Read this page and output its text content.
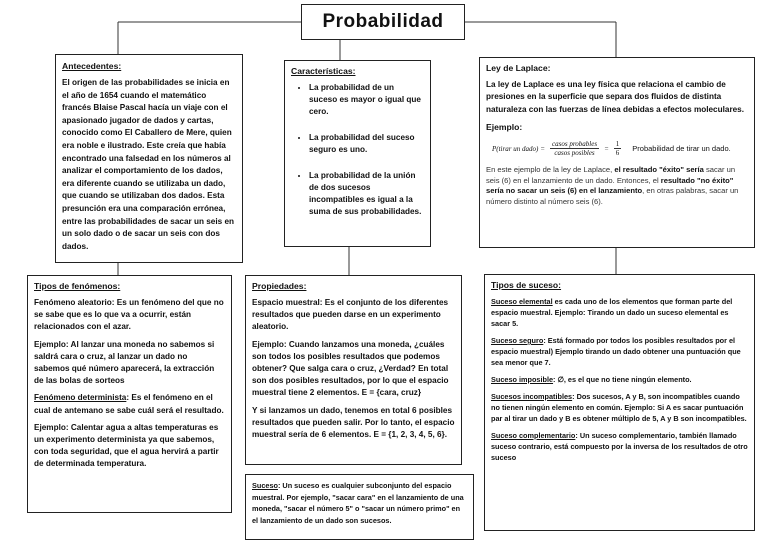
Probabilidad
Antecedentes:
El origen de las probabilidades se inicia en el año de 1654 cuando el matemático francés Blaise Pascal hacía un viaje con el apasionado jugador de dados y cartas, conocido como El Caballero de Mere, quien era noble e ilustrado. Este creía que había encontrado una falsedad en los números al analizar el comportamiento de los dados, era diferente cuando se utilizaba un dado, que cuando se utilizaban dos dados. Esta presunción era una comparación errónea, entre las probabilidades de sacar un seis en un solo dado o de sacar un seis con dos dados.
Características:
• La probabilidad de un suceso es mayor o igual que cero.
• La probabilidad del suceso seguro es uno.
• La probabilidad de la unión de dos sucesos incompatibles es igual a la suma de sus probabilidades.
Ley de Laplace:
La ley de Laplace es una ley física que relaciona el cambio de presiones en la superficie que separa dos fluidos de distinta naturaleza con las fuerzas de línea debidas a efectos moleculares.
Ejemplo:
P(tirar un dado) = $\frac{\text{casos probables}}{\text{casos posibles}} = \frac{1}{6}$ Probabilidad de tirar un dado.

En este ejemplo de la ley de Laplace, el resultado "éxito" sería sacar un seis (6) en el lanzamiento de un dado. Entonces, el resultado "no éxito" sería no sacar un seis (6) en el lanzamiento, en otras palabras, sacar un número distinto al número seis (6).

Tipos de fenómenos:
Fenómeno aleatorio: Es un fenómeno del que no se sabe que es lo que va a ocurrir, están relacionados con el azar.
Ejemplo: Al lanzar una moneda no sabemos si saldrá cara o cruz, al lanzar un dado no sabemos qué número aparecerá, la extracción de las bolas de sorteos
Fenómeno determinista: Es el fenómeno en el cual de antemano se sabe cuál será el resultado.
Ejemplo: Calentar agua a altas temperaturas es un experimento determinista ya que sabemos, con toda seguridad, que el agua hervirá a partir de determinada temperatura.
Propiedades:
Espacio muestral: Es el conjunto de los diferentes resultados que pueden darse en un experimento aleatorio.
Ejemplo: Cuando lanzamos una moneda, ¿cuáles son todos los posibles resultados que podemos obtener? Que salga cara o cruz, ¿Verdad? En total son dos posibles resultados, por lo que el espacio muestral tiene 2 elementos. E = {cara, cruz}
Y si lanzamos un dado, tenemos en total 6 posibles resultados que pueden salir. Por lo tanto, el espacio muestral sería de 6 elementos. E = {1, 2, 3, 4, 5, 6}.
Suceso: Un suceso es cualquier subconjunto del espacio muestral. Por ejemplo, "sacar cara" en el lanzamiento de una moneda, "sacar el número 5" o "sacar un número primo" en el lanzamiento de un dado son sucesos.
Tipos de suceso:
Suceso elemental es cada uno de los elementos que forman parte del espacio muestral. Ejemplo: Tirando un dado un suceso elemental es sacar 5.
Suceso seguro: Está formado por todos los posibles resultados por el espacio muestral) Ejemplo tirando un dado obtener una puntuación que sea menor que 7.
Suceso imposible: ∅, es el que no tiene ningún elemento.
Sucesos incompatibles: Dos sucesos, A y B, son incompatibles cuando no tienen ningún elemento en común. Ejemplo: Si A es sacar puntuación par al tirar un dado y B es obtener múltiplo de 5, A y B son incompatibles.
Suceso complementario: Un suceso complementario, también llamado suceso contrario, está compuesto por la inversa de los resultados de otro suceso
